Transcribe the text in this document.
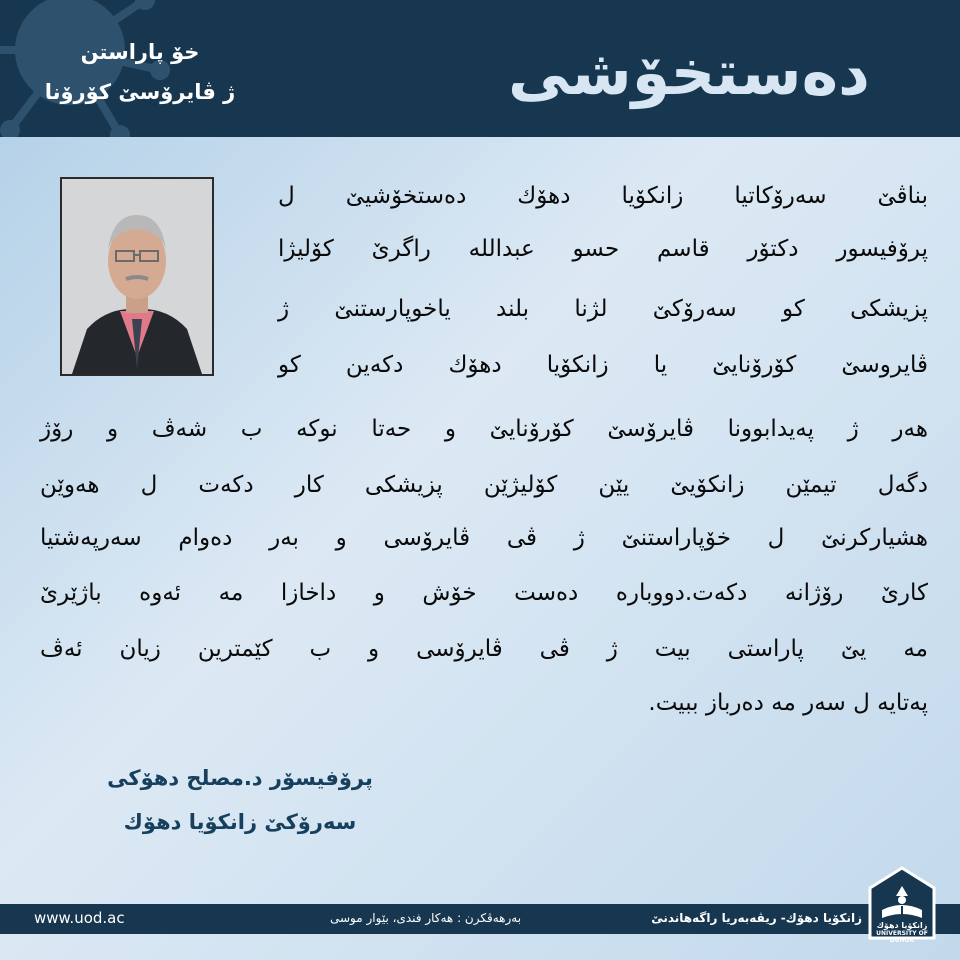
خۆ پاراستن
ژ ڤایرۆسێ کۆرۆنا	دەستخۆشی
بناڤێ سەرۆکاتیا زانکۆیا دهۆك دەستخۆشیێ ل
پرۆفیسور دکتۆر قاسم حسو عبدالله راگرێ کۆلیژا
پزیشکی کو سەرۆکێ لژنا بلند یاخوپارستنێ ژ
ڤایروسێ کۆرۆنایێ یا زانکۆیا دهۆك دکەین کو
هەر ژ پەیدابوونا ڤایرۆسێ کۆرۆنایێ و حەتا نوکە ب شەڤ و رۆژ
دگەل تیمێن زانکۆیێ یێن کۆلیژێن پزیشکی کار دکەت ل هەوێن
هشیارکرنێ ل خۆپاراستنێ ژ ڤی ڤایرۆسی و بەر دەوام سەرپەشتیا
کارێ رۆژانە دکەت.دووبارە دەست خۆش و داخازا مە ئەوە باژێرێ
مە یێ پاراستی بیت ژ ڤی ڤایرۆسی و ب کێمترین زیان ئەڤ
پەتایە ل سەر مە دەرباز ببیت.
پرۆفیسۆر د.مصلح دهۆکی
سەرۆکێ زانکۆیا دهۆك
www.uod.ac	بەرهەڤکرن : هەکار فندی، بێوار موسی	زانکۆیا دهۆك- ریڤەبەریا راگەهاندنێ
زانكۆیا دهۆك
UNIVERSITY OF DUHOK
